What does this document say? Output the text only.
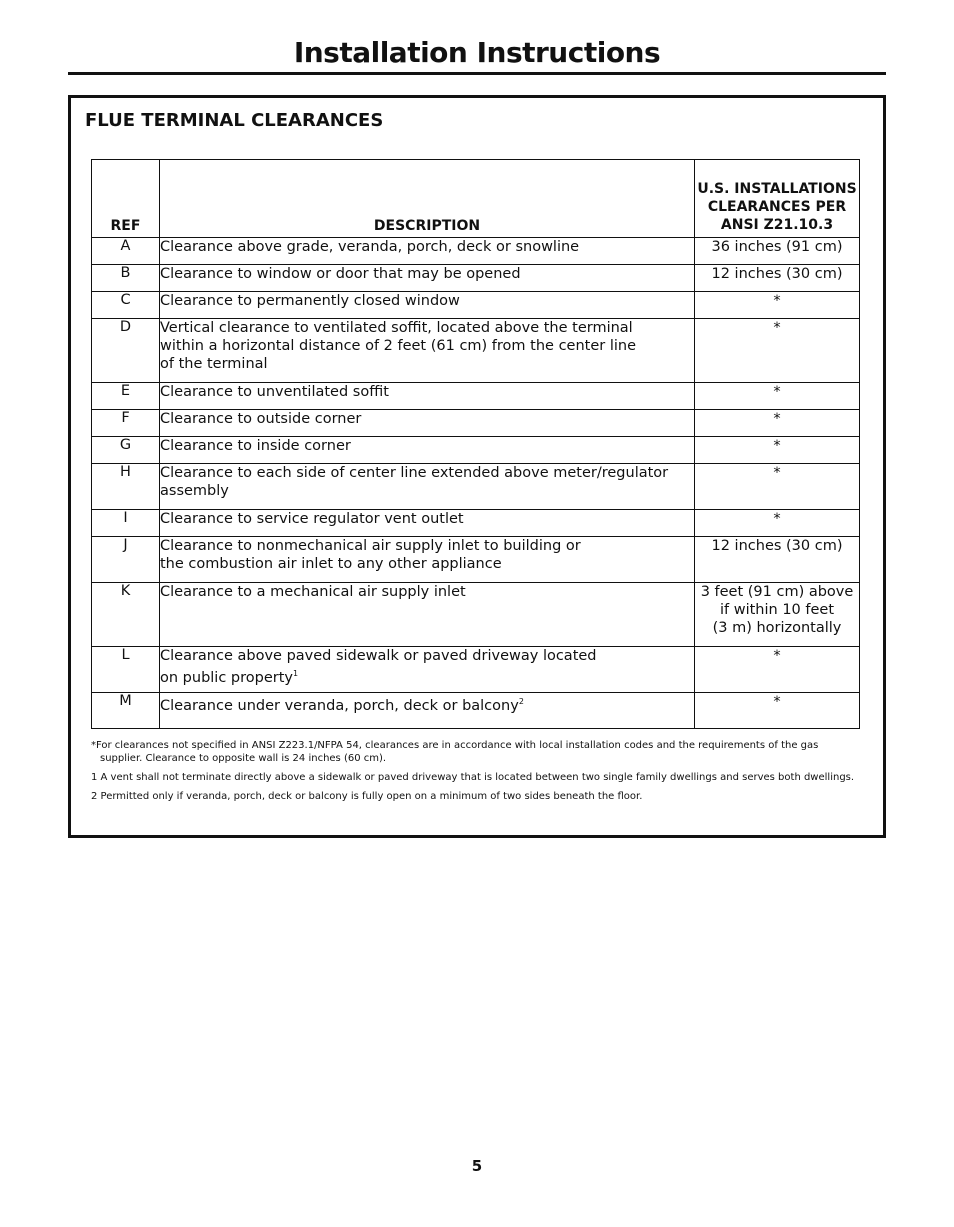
Installation Instructions
FLUE TERMINAL CLEARANCES
REF	DESCRIPTION	U.S. INSTALLATIONS
CLEARANCES PER
ANSI Z21.10.3

A	Clearance above grade, veranda, porch, deck or snowline	36 inches (91 cm)

B	Clearance to window or door that may be opened	12 inches (30 cm)

C	Clearance to permanently closed window	*

D	Vertical clearance to ventilated soffit, located above the terminal
within a horizontal distance of 2 feet (61 cm) from the center line
of the terminal	*

E	Clearance to unventilated soffit	*

F	Clearance to outside corner	*

G	Clearance to inside corner	*

H	Clearance to each side of center line extended above meter/regulator
assembly	*

I	Clearance to service regulator vent outlet	*

J	Clearance to nonmechanical air supply inlet to building or
the combustion air inlet to any other appliance	12 inches (30 cm)

K	Clearance to a mechanical air supply inlet	3 feet (91 cm) above
if within 10 feet
(3 m) horizontally

L	Clearance above paved sidewalk or paved driveway located
on public property$^1$	*

M	Clearance under veranda, porch, deck or balcony$^2$	*

*For clearances not specified in ANSI Z223.1/NFPA 54, clearances are in accordance with local installation codes and the requirements of the gas supplier. Clearance to opposite wall is 24 inches (60 cm).

1 A vent shall not terminate directly above a sidewalk or paved driveway that is located between two single family dwellings and serves both dwellings.

2 Permitted only if veranda, porch, deck or balcony is fully open on a minimum of two sides beneath the floor.

5
